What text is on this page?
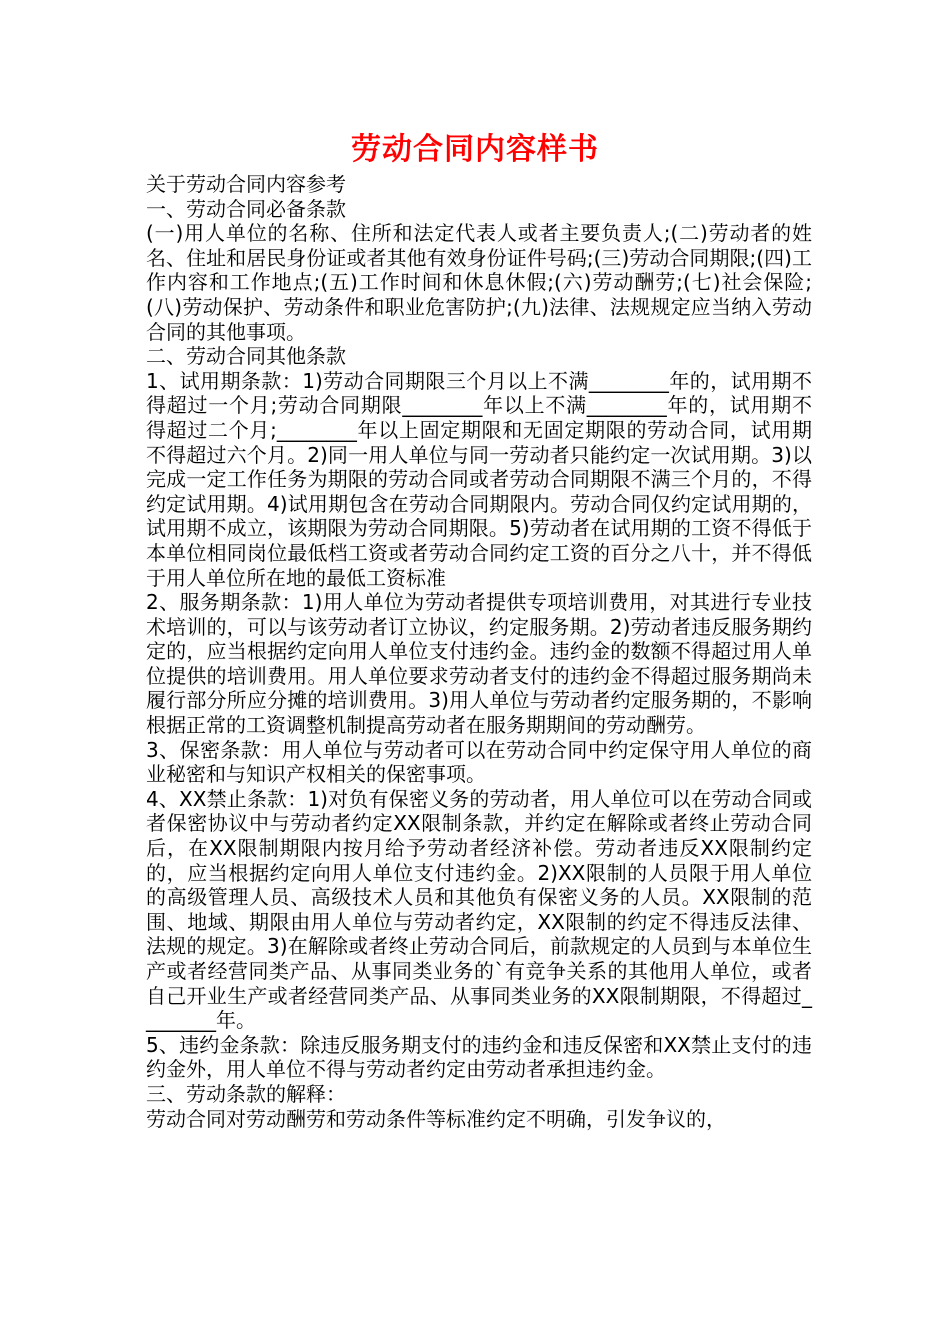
劳动合同内容样书

关于劳动合同内容参考

一、劳动合同必备条款

(一)用人单位的名称、住所和法定代表人或者主要负责人;(二)劳动者的姓名、住址和居民身份证或者其他有效身份证件号码;(三)劳动合同期限;(四)工作内容和工作地点;(五)工作时间和休息休假;(六)劳动酬劳;(七)社会保险;(八)劳动保护、劳动条件和职业危害防护;(九)法律、法规规定应当纳入劳动合同的其他事项。

二、劳动合同其他条款

1、试用期条款：1)劳动合同期限三个月以上不满________年的，试用期不得超过一个月;劳动合同期限________年以上不满________年的，试用期不得超过二个月;________年以上固定期限和无固定期限的劳动合同，试用期不得超过六个月。2)同一用人单位与同一劳动者只能约定一次试用期。3)以完成一定工作任务为期限的劳动合同或者劳动合同期限不满三个月的，不得约定试用期。4)试用期包含在劳动合同期限内。劳动合同仅约定试用期的，试用期不成立，该期限为劳动合同期限。5)劳动者在试用期的工资不得低于本单位相同岗位最低档工资或者劳动合同约定工资的百分之八十，并不得低于用人单位所在地的最低工资标准

2、服务期条款：1)用人单位为劳动者提供专项培训费用，对其进行专业技术培训的，可以与该劳动者订立协议，约定服务期。2)劳动者违反服务期约定的，应当根据约定向用人单位支付违约金。违约金的数额不得超过用人单位提供的培训费用。用人单位要求劳动者支付的违约金不得超过服务期尚未履行部分所应分摊的培训费用。3)用人单位与劳动者约定服务期的，不影响根据正常的工资调整机制提高劳动者在服务期期间的劳动酬劳。

3、保密条款：用人单位与劳动者可以在劳动合同中约定保守用人单位的商业秘密和与知识产权相关的保密事项。

4、XX禁止条款：1)对负有保密义务的劳动者，用人单位可以在劳动合同或者保密协议中与劳动者约定XX限制条款，并约定在解除或者终止劳动合同后，在XX限制期限内按月给予劳动者经济补偿。劳动者违反XX限制约定的，应当根据约定向用人单位支付违约金。2)XX限制的人员限于用人单位的高级管理人员、高级技术人员和其他负有保密义务的人员。XX限制的范围、地域、期限由用人单位与劳动者约定，XX限制的约定不得违反法律、法规的规定。3)在解除或者终止劳动合同后，前款规定的人员到与本单位生产或者经营同类产品、从事同类业务的`有竞争关系的其他用人单位，或者自己开业生产或者经营同类产品、从事同类业务的XX限制期限，不得超过________年。

5、违约金条款：除违反服务期支付的违约金和违反保密和XX禁止支付的违约金外，用人单位不得与劳动者约定由劳动者承担违约金。

三、劳动条款的解释：

劳动合同对劳动酬劳和劳动条件等标准约定不明确，引发争议的，
